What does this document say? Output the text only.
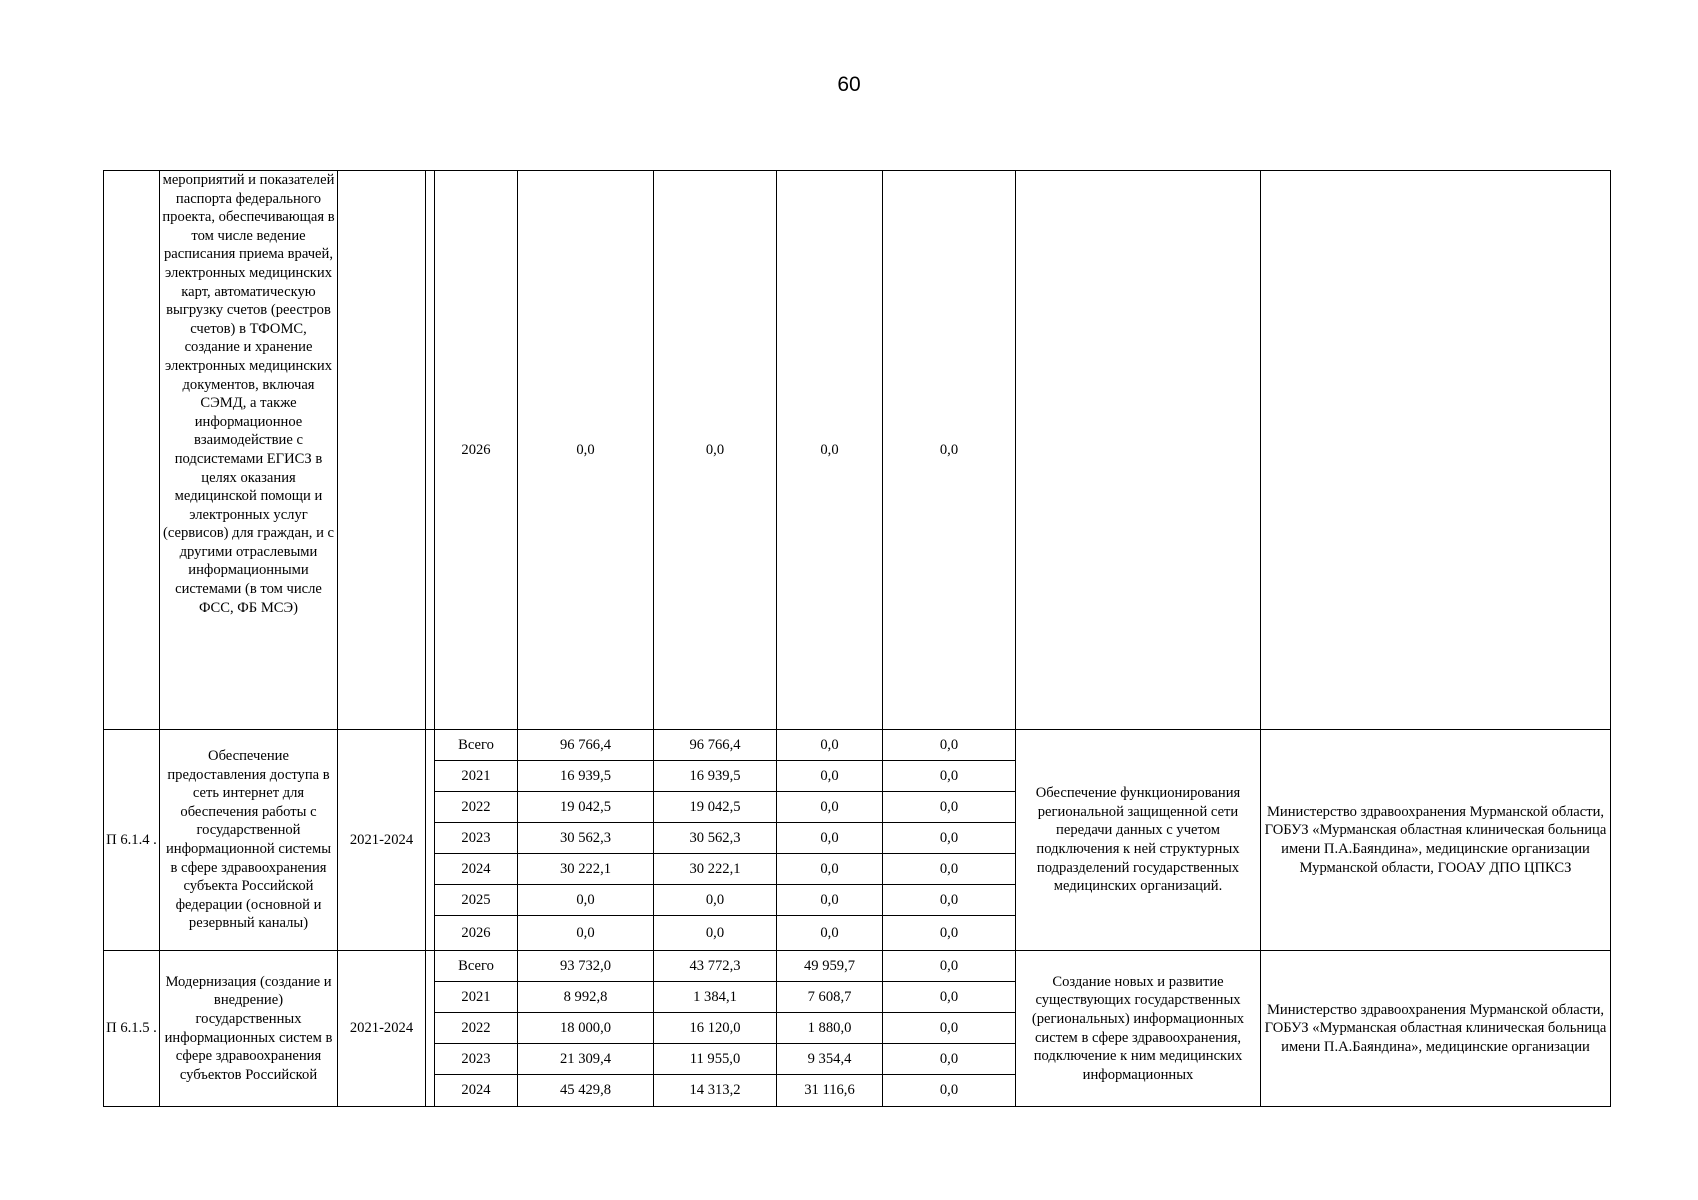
60
	мероприятий и показателей паспорта федерального проекта, обеспечивающая в том числе ведение расписания приема врачей, электронных медицинских карт, автоматическую выгрузку счетов (реестров счетов) в ТФОМС, создание и хранение электронных медицинских документов, включая СЭМД, а также информационное взаимодействие с подсистемами ЕГИСЗ в целях оказания медицинской помощи и электронных услуг (сервисов) для граждан, и с другими отраслевыми информационными системами (в том числе ФСС, ФБ МСЭ)			2026	0,0	0,0	0,0	0,0		
П 6.1.4 .	Обеспечение предоставления доступа в сеть интернет для обеспечения работы с государственной информационной системы в сфере здравоохранения субъекта Российской федерации (основной и резервный каналы)	2021-2024		Всего	96 766,4	96 766,4	0,0	0,0	Обеспечение функционирования региональной защищенной сети передачи данных с учетом подключения к ней структурных подразделений государственных медицинских организаций.	Министерство здравоохранения Мурманской области, ГОБУЗ «Мурманская областная клиническая больница имени П.А.Баяндина», медицинские организации Мурманской области, ГООАУ ДПО ЦПКСЗ
				2021	16 939,5	16 939,5	0,0	0,0		
				2022	19 042,5	19 042,5	0,0	0,0		
				2023	30 562,3	30 562,3	0,0	0,0		
				2024	30 222,1	30 222,1	0,0	0,0		
				2025	0,0	0,0	0,0	0,0		
				2026	0,0	0,0	0,0	0,0		
П 6.1.5 .	Модернизация (создание и внедрение) государственных информационных систем в сфере здравоохранения субъектов Российской	2021-2024		Всего	93 732,0	43 772,3	49 959,7	0,0	Создание новых и развитие существующих государственных (региональных) информационных систем в сфере здравоохранения, подключение к ним медицинских информационных	Министерство здравоохранения Мурманской области, ГОБУЗ «Мурманская областная клиническая больница имени П.А.Баяндина», медицинские организации
				2021	8 992,8	1 384,1	7 608,7	0,0		
				2022	18 000,0	16 120,0	1 880,0	0,0		
				2023	21 309,4	11 955,0	9 354,4	0,0		
				2024	45 429,8	14 313,2	31 116,6	0,0		
